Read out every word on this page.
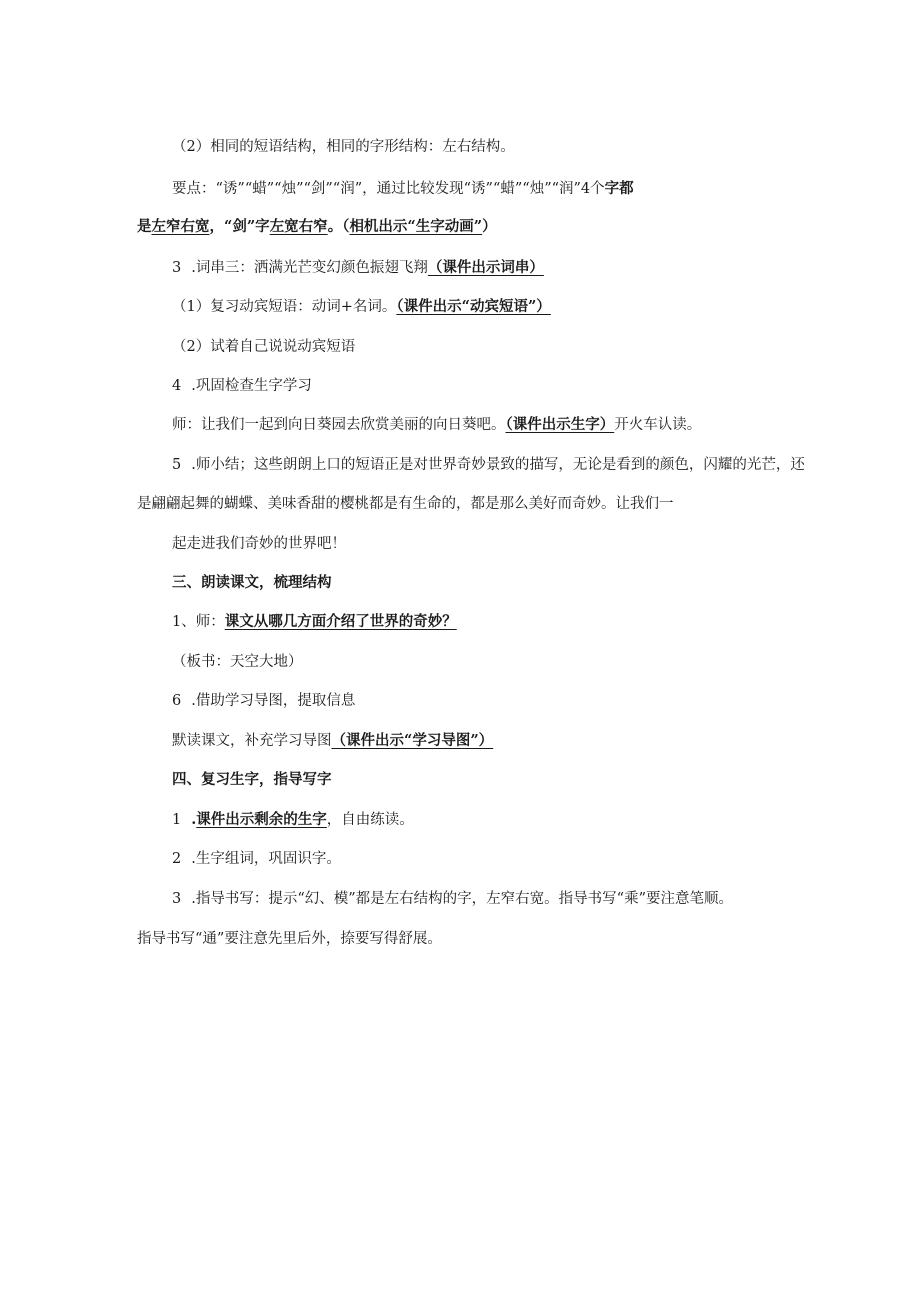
（2）相同的短语结构，相同的字形结构：左右结构。
要点：“诱”“蜡”“烛”“剑”“润”，通过比较发现“诱”“蜡”“烛”“润”4个字都
是左窄右宽，“剑”字左宽右窄。（相机出示“生字动画”）
3 .词串三：洒满光芒变幻颜色振翅飞翔（课件出示词串）
（1）复习动宾短语：动词+名词。（课件出示“动宾短语”）
（2）试着自己说说动宾短语
4 .巩固检查生字学习
师：让我们一起到向日葵园去欣赏美丽的向日葵吧。（课件出示生字）开火车认读。
5 .师小结；这些朗朗上口的短语正是对世界奇妙景致的描写，无论是看到的颜色，闪耀的光芒，还
是翩翩起舞的蝴蝶、美味香甜的樱桃都是有生命的，都是那么美好而奇妙。让我们一
起走进我们奇妙的世界吧！
三、朗读课文，梳理结构
1、师：课文从哪几方面介绍了世界的奇妙？
（板书：天空大地）
6 .借助学习导图，提取信息
默读课文，补充学习导图（课件出示“学习导图”）
四、复习生字，指导写字
1 .课件出示剩余的生字，自由练读。
2 .生字组词，巩固识字。
3 .指导书写：提示“幻、模”都是左右结构的字，左窄右宽。指导书写“乘”要注意笔顺。
指导书写“通”要注意先里后外，捺要写得舒展。
